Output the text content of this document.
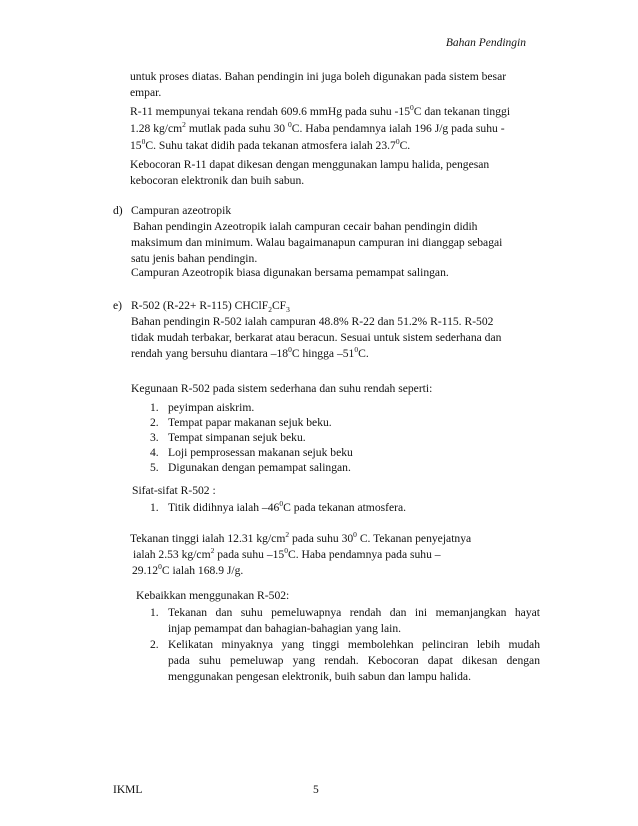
Bahan Pendingin
untuk proses diatas. Bahan pendingin ini juga boleh digunakan pada sistem besar
empar.
R-11 mempunyai tekana rendah 609.6 mmHg pada suhu $-15^0C$ dan tekanan tinggi
1.28 $kg/cm^2$ mutlak pada suhu 30 $^0$C. Haba pendamnya ialah 196 J/g pada suhu -
$15^0C$. Suhu takat didih pada tekanan atmosfera ialah 23.7$^0$C.
Kebocoran R-11 dapat dikesan dengan menggunakan lampu halida, pengesan
kebocoran elektronik dan buih sabun.
d) Campuran azeotropik
Bahan pendingin Azeotropik ialah campuran cecair bahan pendingin didih
maksimum dan minimum. Walau bagaimanapun campuran ini dianggap sebagai
satu jenis bahan pendingin.
Campuran Azeotropik biasa digunakan bersama pemampat salingan.
e) R-502 (R-22+ R-115) $CHClF_2CF_3$
Bahan pendingin R-502 ialah campuran 48.8% R-22 dan 51.2% R-115. R-502
tidak mudah terbakar, berkarat atau beracun. Sesuai untuk sistem sederhana dan
rendah yang bersuhu diantara $-18^0C$ hingga $-51^0C$.
Kegunaan R-502 pada sistem sederhana dan suhu rendah seperti:
1. peyimpan aiskrim.
2. Tempat papar makanan sejuk beku.
3. Tempat simpanan sejuk beku.
4. Loji pemprosessan makanan sejuk beku
5. Digunakan dengan pemampat salingan.
Sifat-sifat R-502 :
1. Titik didihnya ialah $-46^0C$ pada tekanan atmosfera.
Tekanan tinggi ialah 12.31 $kg/cm^2$ pada suhu $30^0$ C. Tekanan penyejatnya
ialah 2.53 $kg/cm^2$ pada suhu $-15^0C$. Haba pendamnya pada suhu –
29.12$^0$C ialah 168.9 J/g.
Kebaikkan menggunakan R-502:
1. Tekanan dan suhu pemeluwapnya rendah dan ini memanjangkan hayat
injap pemampat dan bahagian-bahagian yang lain.
2. Kelikatan minyaknya yang tinggi membolehkan pelinciran lebih mudah
pada suhu pemeluwap yang rendah. Kebocoran dapat dikesan dengan
menggunakan pengesan elektronik, buih sabun dan lampu halida.
IKML	5
